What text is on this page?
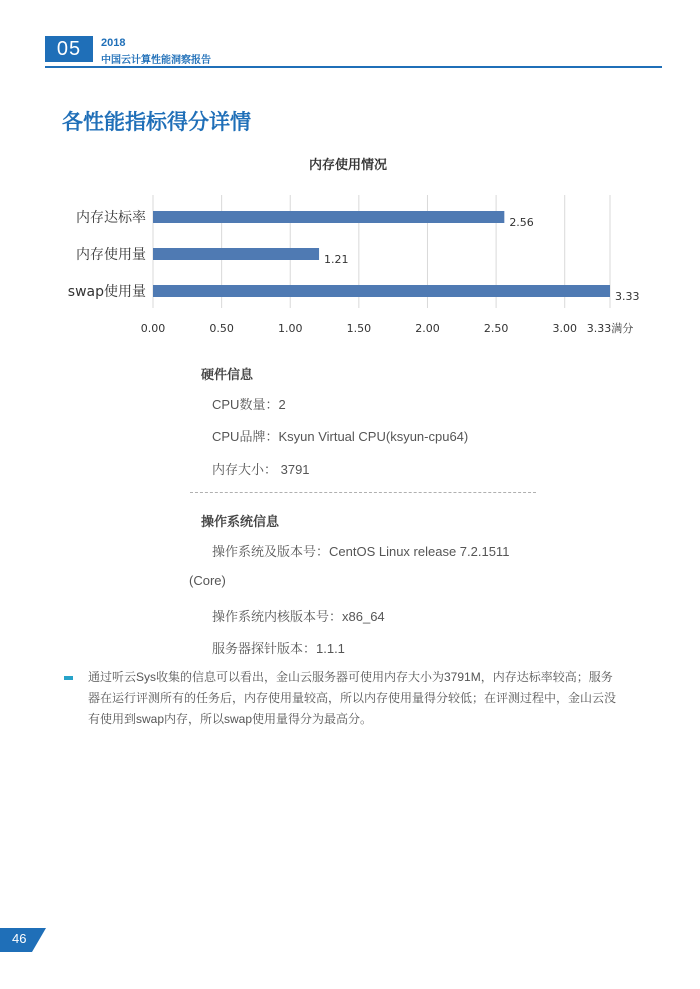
05	2018
中国云计算性能洞察报告
各性能指标得分详情
内存使用情况
内存达标率	2.56
内存使用量	1.21
swap使用量	3.33
0.00	0.50	1.00	1.50	2.00	2.50	3.00 3.33满分
硬件信息
CPU数量：2
CPU品牌：Ksyun Virtual CPU(ksyun-cpu64)
内存大小： 3791
操作系统信息
操作系统及版本号：CentOS Linux release 7.2.1511
(Core)
操作系统内核版本号：x86_64
服务器探针版本：1.1.1
通过听云Sys收集的信息可以看出，金山云服务器可使用内存大小为3791M，内存达标率较高；服务
器在运行评测所有的任务后，内存使用量较高，所以内存使用量得分较低；在评测过程中，金山云没
有使用到swap内存，所以swap使用量得分为最高分。
46
